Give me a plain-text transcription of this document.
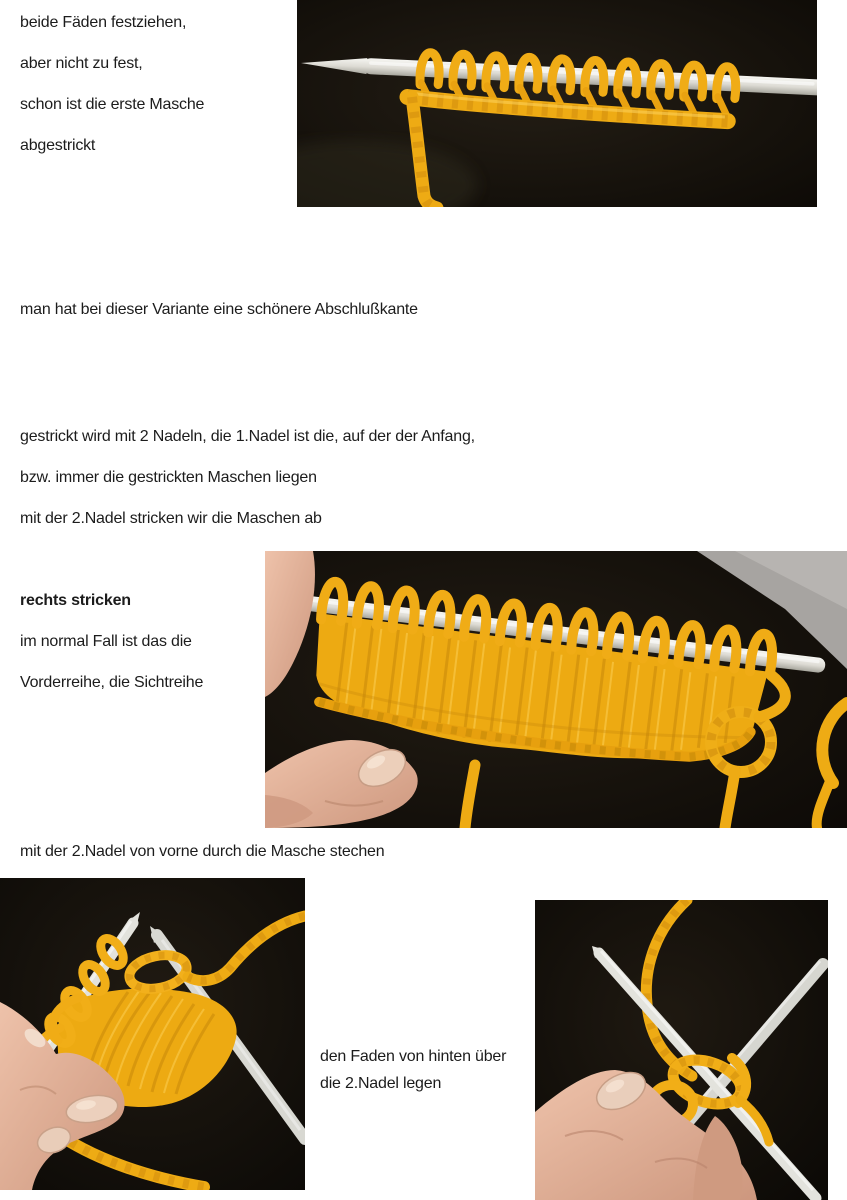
beide Fäden festziehen,
aber nicht zu fest,
schon ist die erste Masche
abgestrickt
man hat bei dieser Variante eine schönere Abschlußkante
gestrickt wird mit 2 Nadeln, die 1.Nadel ist die, auf der der Anfang,
bzw. immer die gestrickten Maschen liegen
mit der 2.Nadel stricken wir die Maschen ab
rechts stricken
im normal Fall ist das die
Vorderreihe, die Sichtreihe
mit der 2.Nadel von vorne durch die Masche stechen
den Faden von hinten über
die 2.Nadel legen
